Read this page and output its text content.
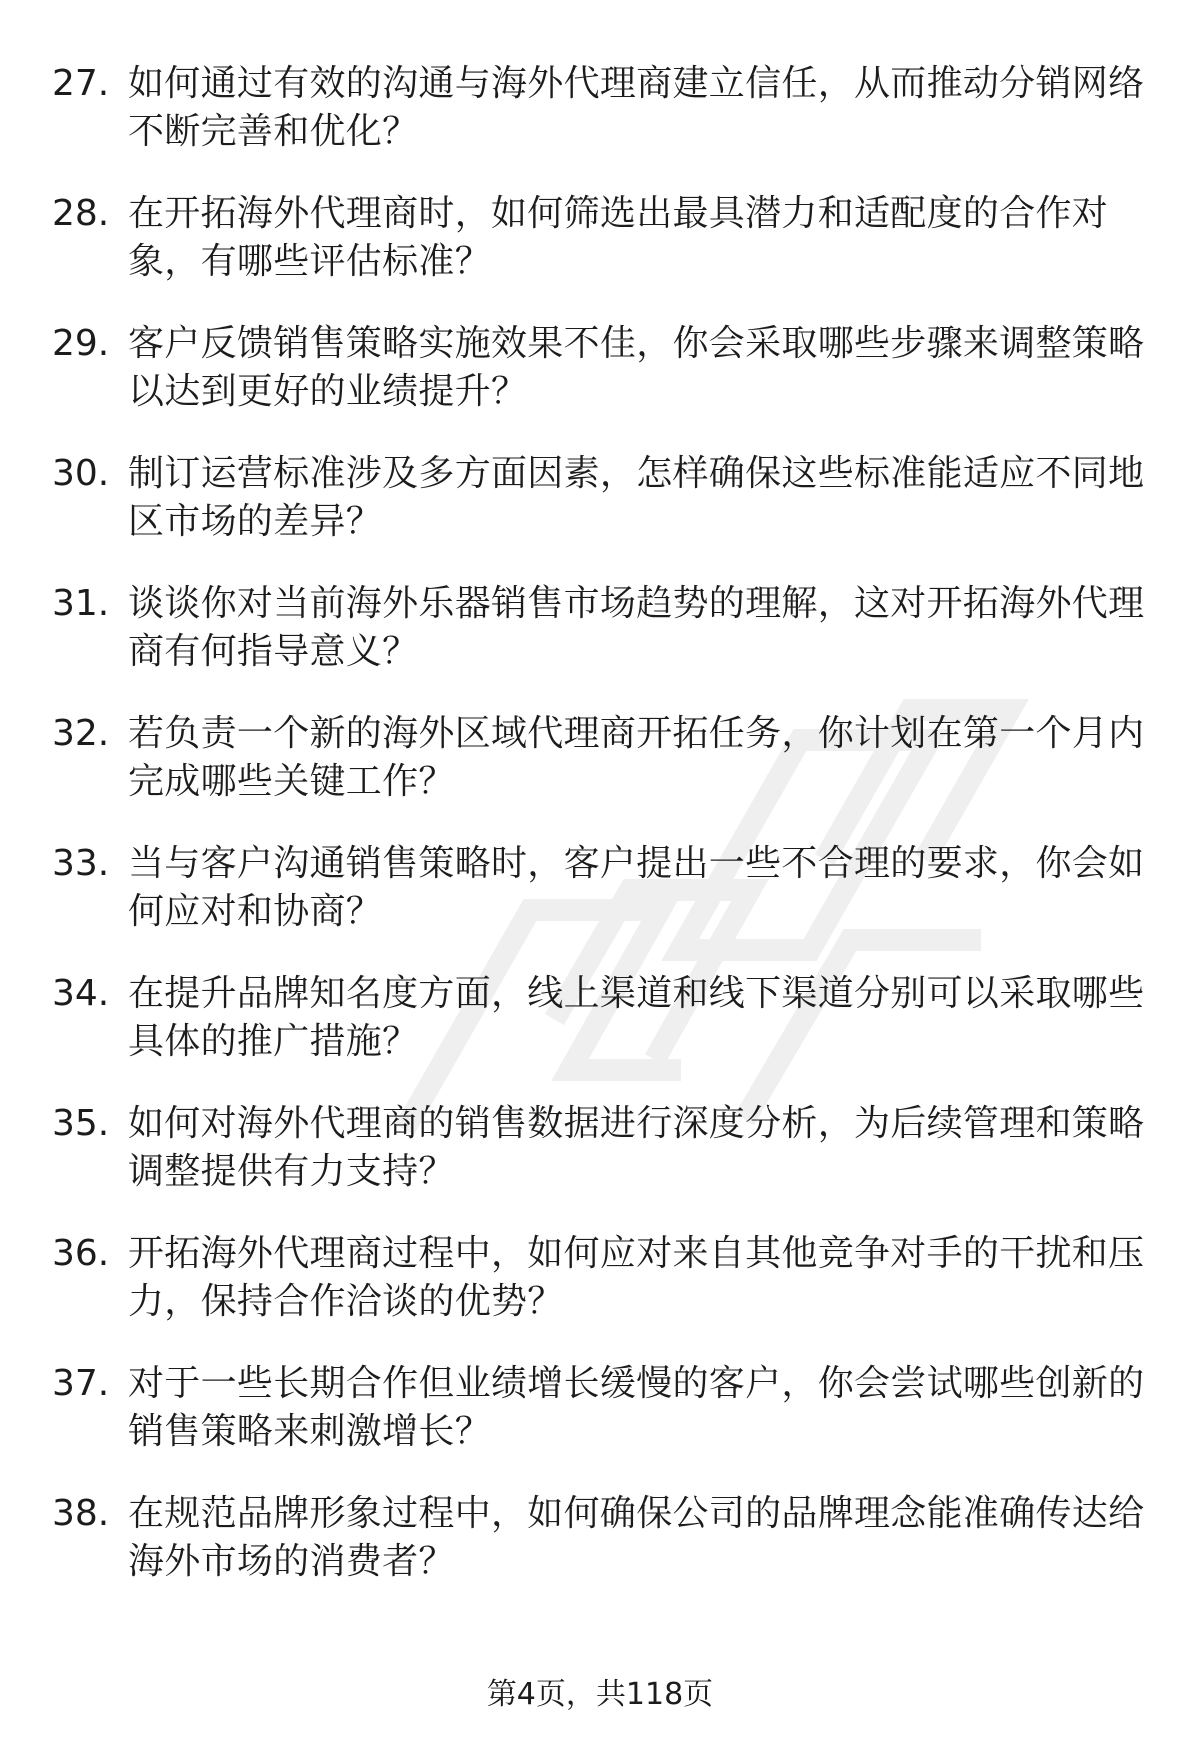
27. 如何通过有效的沟通与海外代理商建立信任，从而推动分销网络不断完善和优化？
28. 在开拓海外代理商时，如何筛选出最具潜力和适配度的合作对象，有哪些评估标准？
29. 客户反馈销售策略实施效果不佳，你会采取哪些步骤来调整策略以达到更好的业绩提升？
30. 制订运营标准涉及多方面因素，怎样确保这些标准能适应不同地区市场的差异？
31. 谈谈你对当前海外乐器销售市场趋势的理解，这对开拓海外代理商有何指导意义？
32. 若负责一个新的海外区域代理商开拓任务，你计划在第一个月内完成哪些关键工作？
33. 当与客户沟通销售策略时，客户提出一些不合理的要求，你会如何应对和协商？
34. 在提升品牌知名度方面，线上渠道和线下渠道分别可以采取哪些具体的推广措施？
35. 如何对海外代理商的销售数据进行深度分析，为后续管理和策略调整提供有力支持？
36. 开拓海外代理商过程中，如何应对来自其他竞争对手的干扰和压力，保持合作洽谈的优势？
37. 对于一些长期合作但业绩增长缓慢的客户，你会尝试哪些创新的销售策略来刺激增长？
38. 在规范品牌形象过程中，如何确保公司的品牌理念能准确传达给海外市场的消费者？
第4页，共118页
